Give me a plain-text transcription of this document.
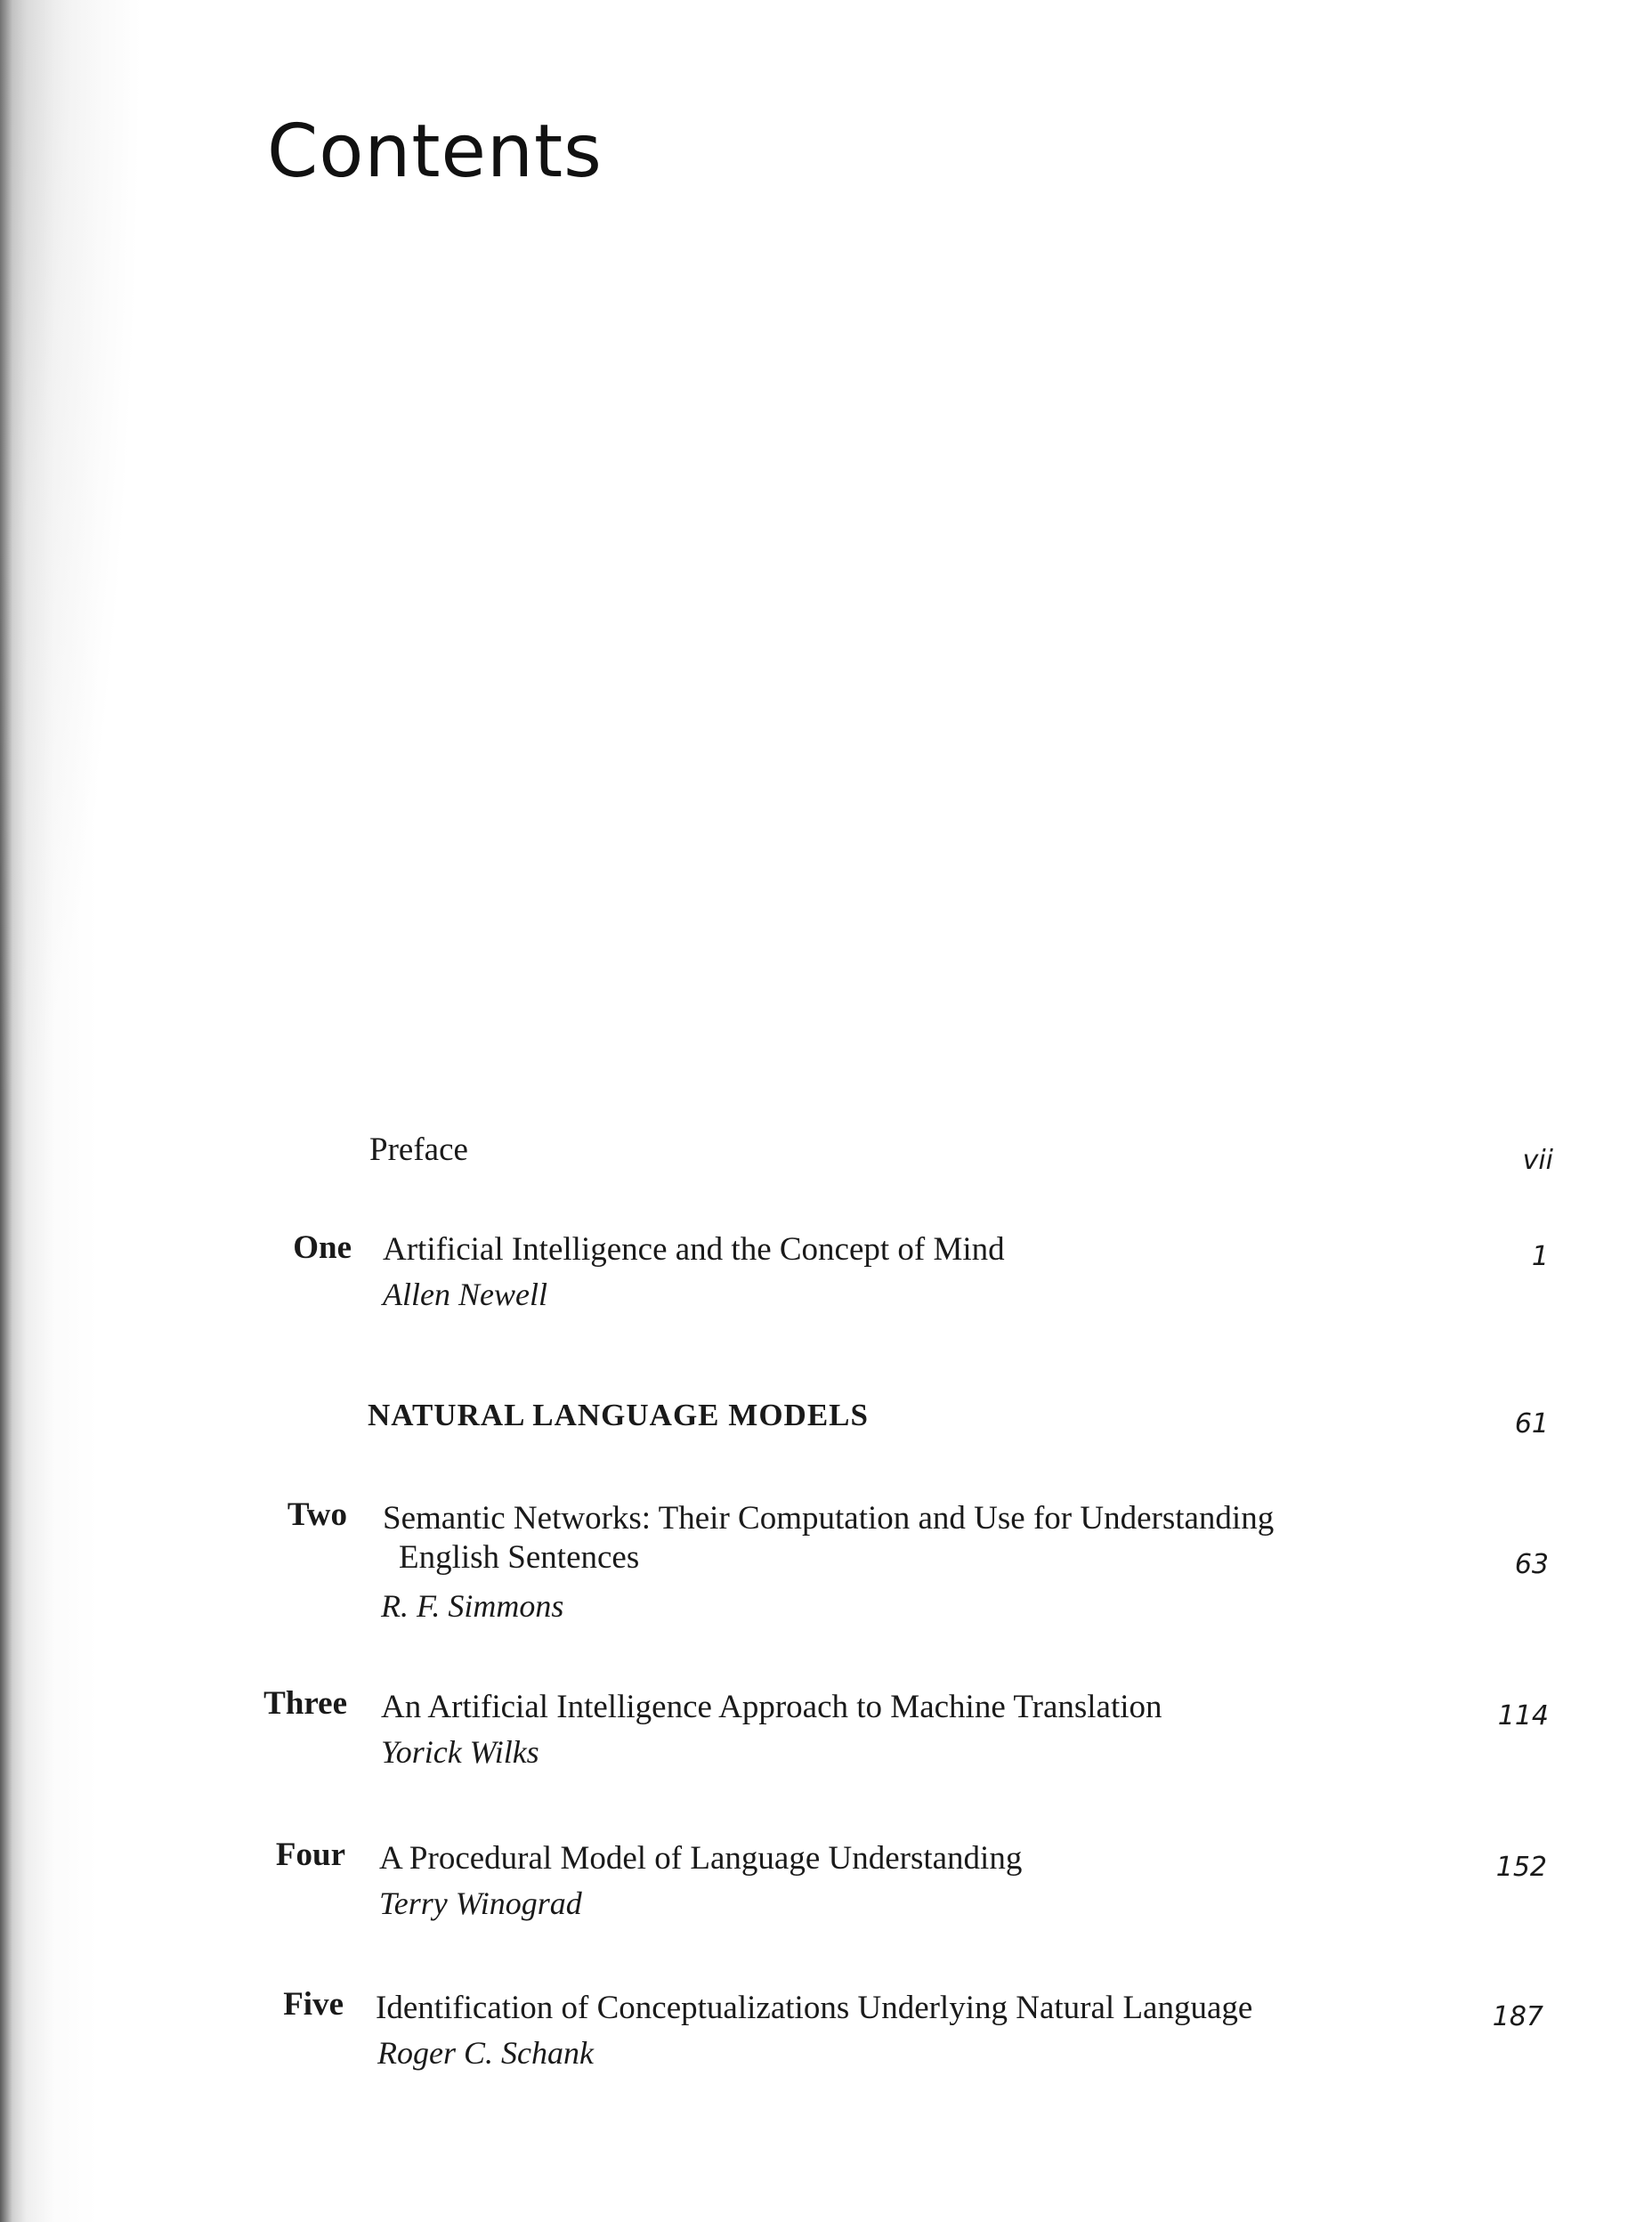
Contents
Preface	vii
One Artificial Intelligence and the Concept of Mind
Allen Newell
1
NATURAL LANGUAGE MODELS	61
Two Semantic Networks: Their Computation and Use for Understanding
English Sentences
R. F. Simmons
63
Three An Artificial Intelligence Approach to Machine Translation
Yorick Wilks
114
Four A Procedural Model of Language Understanding
Terry Winograd
152
Five Identification of Conceptualizations Underlying Natural Language
Roger C. Schank
187
